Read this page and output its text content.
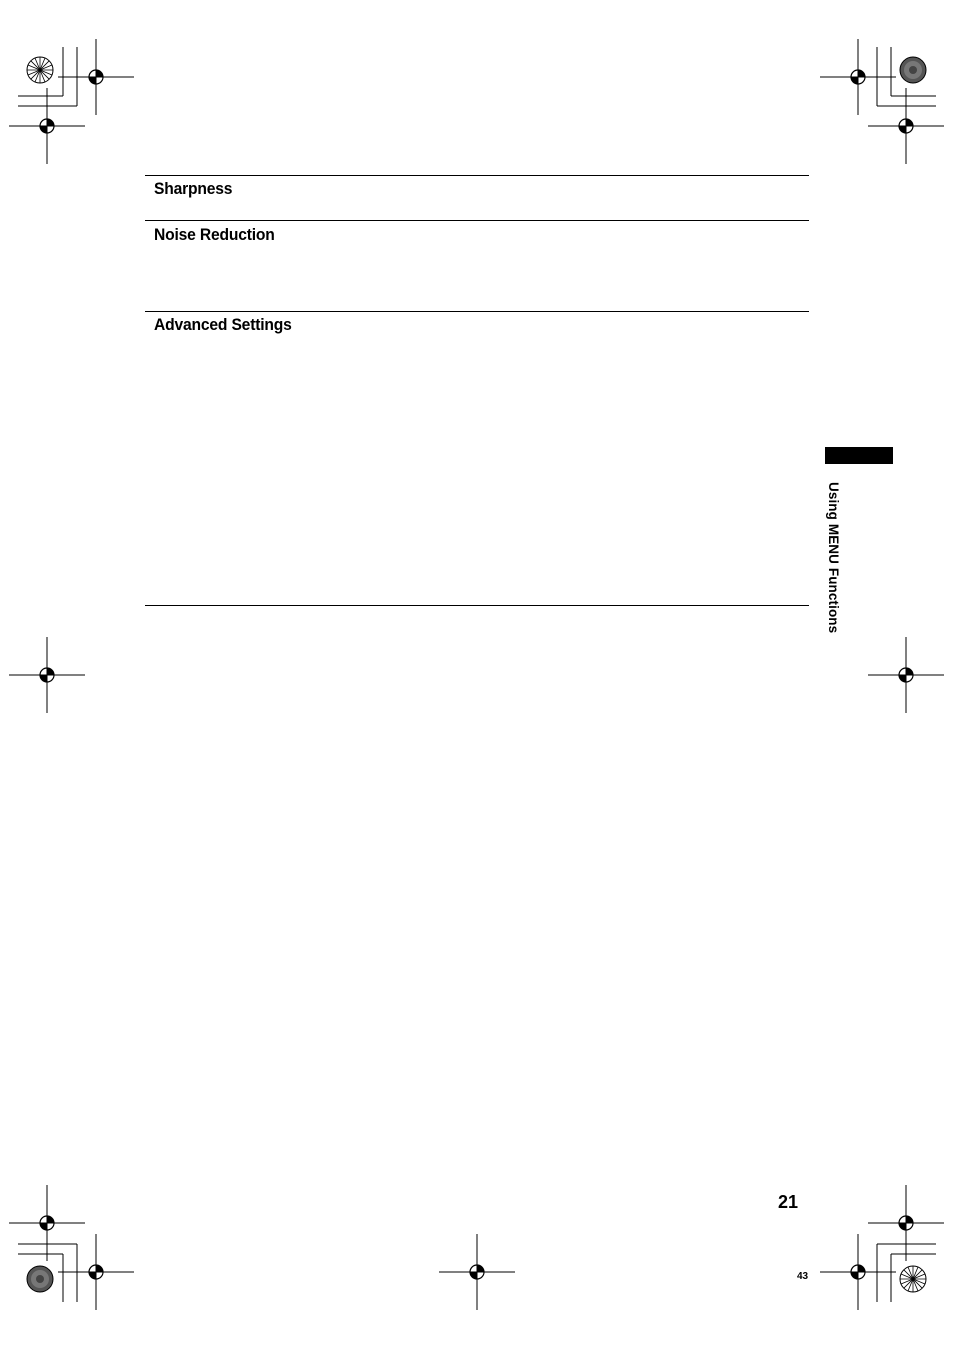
Sharpness
Noise Reduction
Advanced Settings
Using MENU Functions
21
43
